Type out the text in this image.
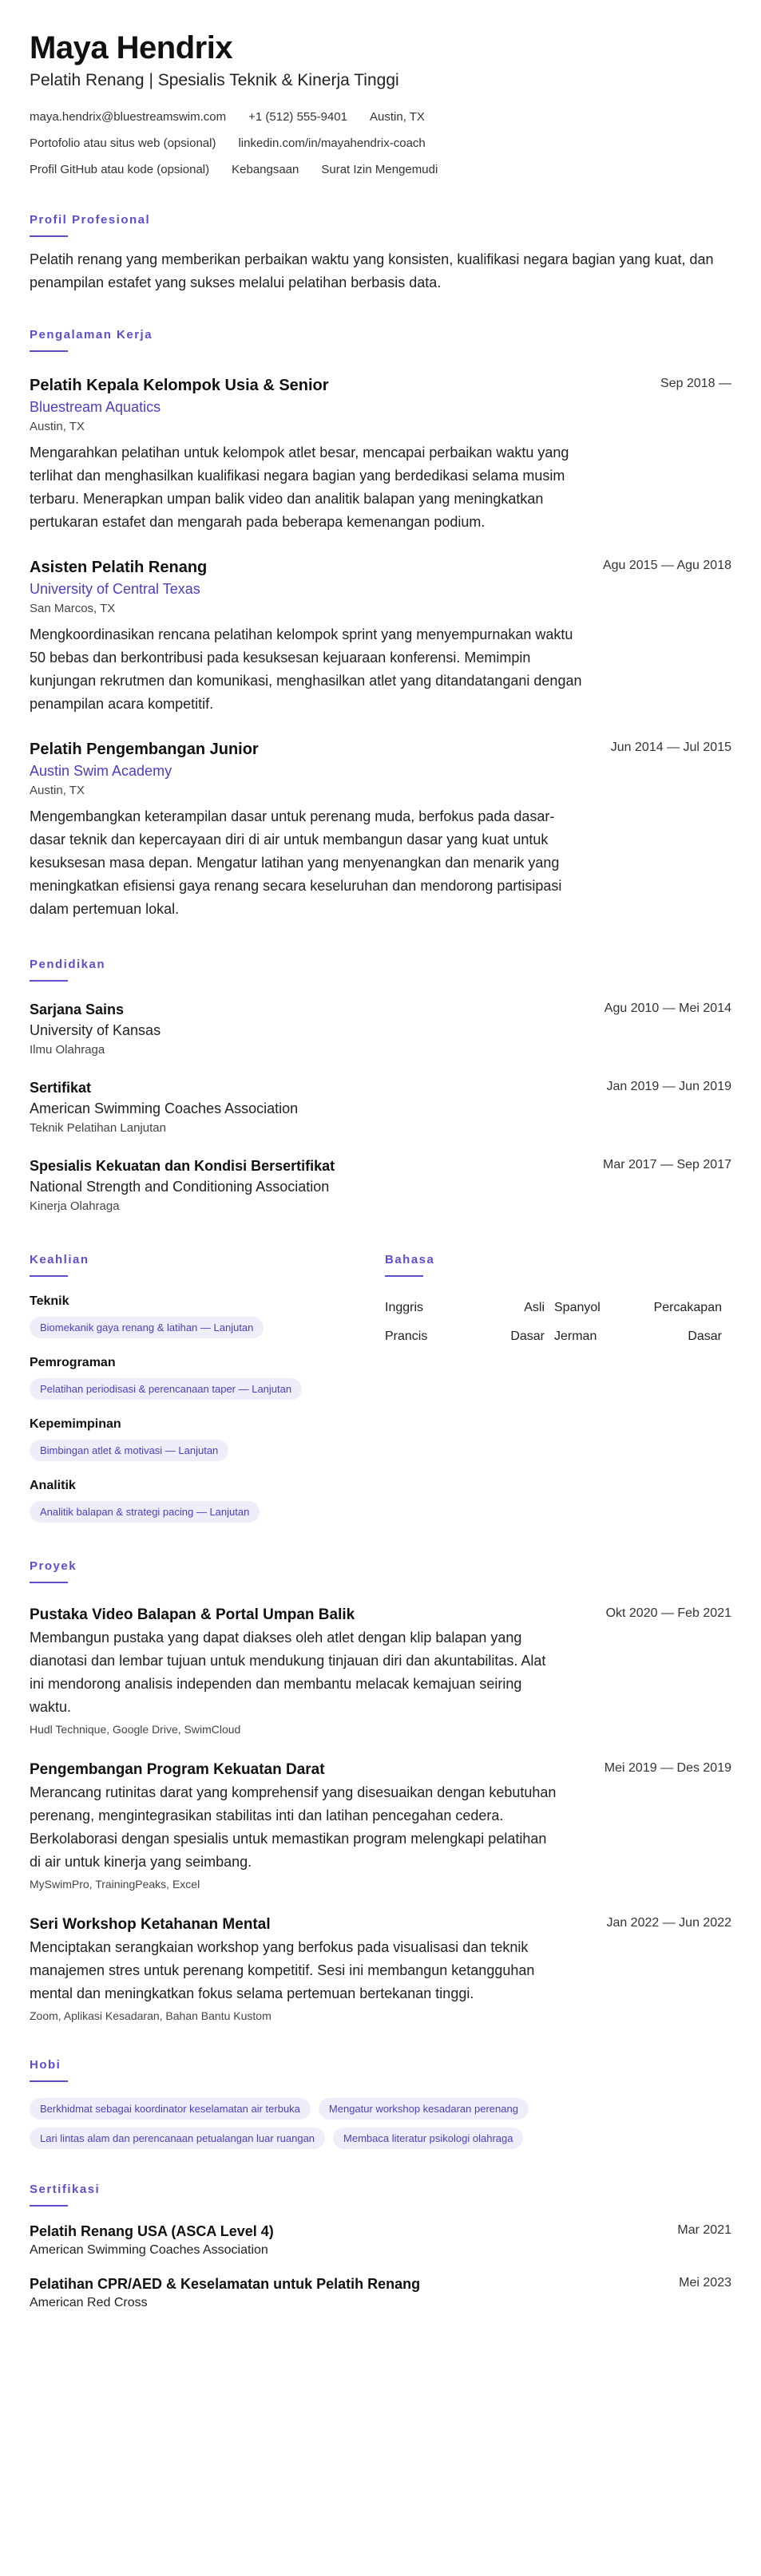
Maya Hendrix
Pelatih Renang | Spesialis Teknik & Kinerja Tinggi
maya.hendrix@bluestreamswim.com +1 (512) 555-9401 Austin, TX
Portofolio atau situs web (opsional) linkedin.com/in/mayahendrix-coach
Profil GitHub atau kode (opsional) Kebangsaan Surat Izin Mengemudi
Profil Profesional

Pelatih renang yang memberikan perbaikan waktu yang konsisten, kualifikasi negara bagian yang kuat, dan penampilan estafet yang sukses melalui pelatihan berbasis data.

Pengalaman Kerja
Pelatih Kepala Kelompok Usia & Senior
Bluestream Aquatics
Austin, TX

Mengarahkan pelatihan untuk kelompok atlet besar, mencapai perbaikan waktu yang terlihat dan menghasilkan kualifikasi negara bagian yang berdedikasi selama musim terbaru. Menerapkan umpan balik video dan analitik balapan yang meningkatkan pertukaran estafet dan mengarah pada beberapa kemenangan podium.

Sep 2018 —
Asisten Pelatih Renang
University of Central Texas
San Marcos, TX

Mengkoordinasikan rencana pelatihan kelompok sprint yang menyempurnakan waktu 50 bebas dan berkontribusi pada kesuksesan kejuaraan konferensi. Memimpin kunjungan rekrutmen dan komunikasi, menghasilkan atlet yang ditandatangani dengan penampilan acara kompetitif.

Agu 2015 — Agu 2018
Pelatih Pengembangan Junior
Austin Swim Academy
Austin, TX

Mengembangkan keterampilan dasar untuk perenang muda, berfokus pada dasar-dasar teknik dan kepercayaan diri di air untuk membangun dasar yang kuat untuk kesuksesan masa depan. Mengatur latihan yang menyenangkan dan menarik yang meningkatkan efisiensi gaya renang secara keseluruhan dan mendorong partisipasi dalam pertemuan lokal.

Jun 2014 — Jul 2015
Pendidikan
Sarjana Sains
University of Kansas
Ilmu Olahraga
Agu 2010 — Mei 2014
Sertifikat
American Swimming Coaches Association
Teknik Pelatihan Lanjutan
Jan 2019 — Jun 2019
Spesialis Kekuatan dan Kondisi Bersertifikat
National Strength and Conditioning Association
Kinerja Olahraga
Mar 2017 — Sep 2017
Keahlian
Teknik
Biomekanik gaya renang & latihan — Lanjutan
Pemrograman
Pelatihan periodisasi & perencanaan taper — Lanjutan
Kepemimpinan
Bimbingan atlet & motivasi — Lanjutan
Analitik
Analitik balapan & strategi pacing — Lanjutan
Bahasa
Inggris	Asli Spanyol	Percakapan
Prancis	Dasar Jerman	Dasar
Proyek
Pustaka Video Balapan & Portal Umpan Balik

Membangun pustaka yang dapat diakses oleh atlet dengan klip balapan yang dianotasi dan lembar tujuan untuk mendukung tinjauan diri dan akuntabilitas. Alat ini mendorong analisis independen dan membantu melacak kemajuan seiring waktu.

Hudl Technique, Google Drive, SwimCloud
Okt 2020 — Feb 2021
Pengembangan Program Kekuatan Darat

Merancang rutinitas darat yang komprehensif yang disesuaikan dengan kebutuhan perenang, mengintegrasikan stabilitas inti dan latihan pencegahan cedera. Berkolaborasi dengan spesialis untuk memastikan program melengkapi pelatihan di air untuk kinerja yang seimbang.

MySwimPro, TrainingPeaks, Excel
Mei 2019 — Des 2019
Seri Workshop Ketahanan Mental

Menciptakan serangkaian workshop yang berfokus pada visualisasi dan teknik manajemen stres untuk perenang kompetitif. Sesi ini membangun ketangguhan mental dan meningkatkan fokus selama pertemuan bertekanan tinggi.

Zoom, Aplikasi Kesadaran, Bahan Bantu Kustom
Jan 2022 — Jun 2022
Hobi
Berkhidmat sebagai koordinator keselamatan air terbuka	Mengatur workshop kesadaran perenang
Lari lintas alam dan perencanaan petualangan luar ruangan	Membaca literatur psikologi olahraga
Sertifikasi
Pelatih Renang USA (ASCA Level 4)
American Swimming Coaches Association
Mar 2021
Pelatihan CPR/AED & Keselamatan untuk Pelatih Renang
American Red Cross
Mei 2023
